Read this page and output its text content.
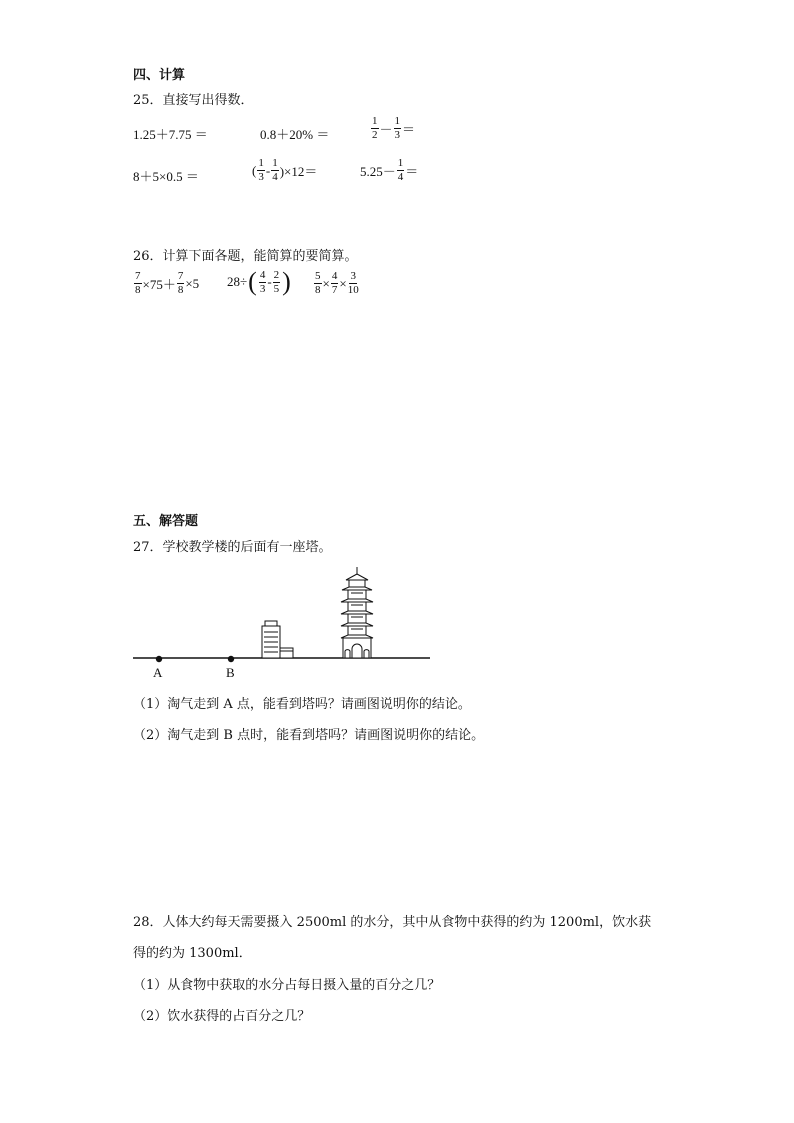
四、计算
25．直接写出得数．
1.25＋7.75 ＝	0.8＋20% ＝	$\frac{1}{2} - \frac{1}{3}$ ＝
8＋5×0.5 ＝	( $\frac{1}{3} - \frac{1}{4} )\times 12=$	$5.25- \frac{1}{4}$ ＝
26．计算下面各题，能简算的要简算。
$\frac{7}{8} \times 75+ \frac{7}{8} \times 5$ 28÷ ( $\frac{4}{3} - \frac{2}{5}$ ) $\frac{5}{8} \times \frac{4}{7} \times \frac{3}{10}$
五、解答题
27．学校教学楼的后面有一座塔。
A	B
（1）淘气走到 A 点，能看到塔吗？请画图说明你的结论。
（2）淘气走到 B 点时，能看到塔吗？请画图说明你的结论。
28．人体大约每天需要摄入 2500ml 的水分，其中从食物中获得的约为 1200ml，饮水获
得的约为 1300ml．
（1）从食物中获取的水分占每日摄入量的百分之几？
（2）饮水获得的占百分之几？
